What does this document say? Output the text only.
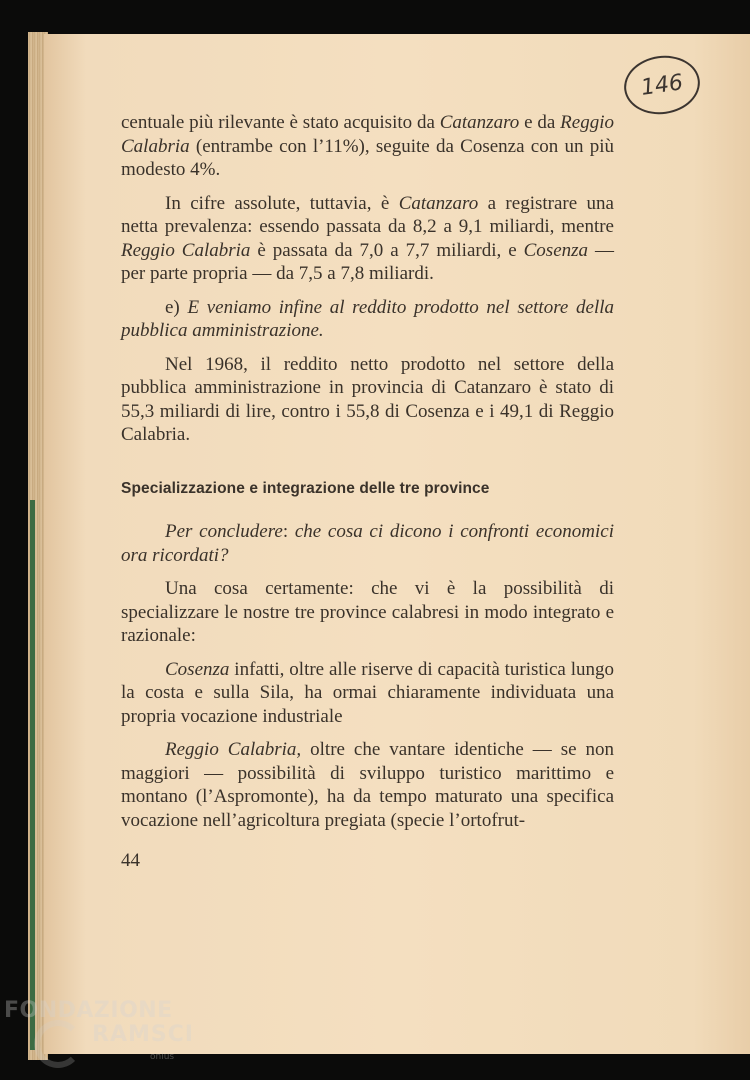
146

centuale più rilevante è stato acquisito da Catanzaro e da Reggio Calabria (entrambe con l’11%), seguite da Cosenza con un più modesto 4%.

In cifre assolute, tuttavia, è Catanzaro a registrare una netta prevalenza: essendo passata da 8,2 a 9,1 miliardi, mentre Reggio Calabria è passata da 7,0 a 7,7 miliardi, e Cosenza — per parte propria — da 7,5 a 7,8 miliardi.

e) E veniamo infine al reddito prodotto nel settore della pubblica amministrazione.

Nel 1968, il reddito netto prodotto nel settore della pubblica amministrazione in provincia di Catanzaro è stato di 55,3 miliardi di lire, contro i 55,8 di Cosenza e i 49,1 di Reggio Calabria.

Specializzazione e integrazione delle tre province

Per concludere: che cosa ci dicono i confronti economici ora ricordati?

Una cosa certamente: che vi è la possibilità di specializzare le nostre tre province calabresi in modo integrato e razionale:

Cosenza infatti, oltre alle riserve di capacità turistica lungo la costa e sulla Sila, ha ormai chiaramente individuata una propria vocazione industriale

Reggio Calabria, oltre che vantare identiche — se non maggiori — possibilità di sviluppo turistico marittimo e montano (l’Aspromonte), ha da tempo maturato una specifica vocazione nell’agricoltura pregiata (specie l’ortofrut-

44
FONDAZIONE
RAMSCI
onlus
